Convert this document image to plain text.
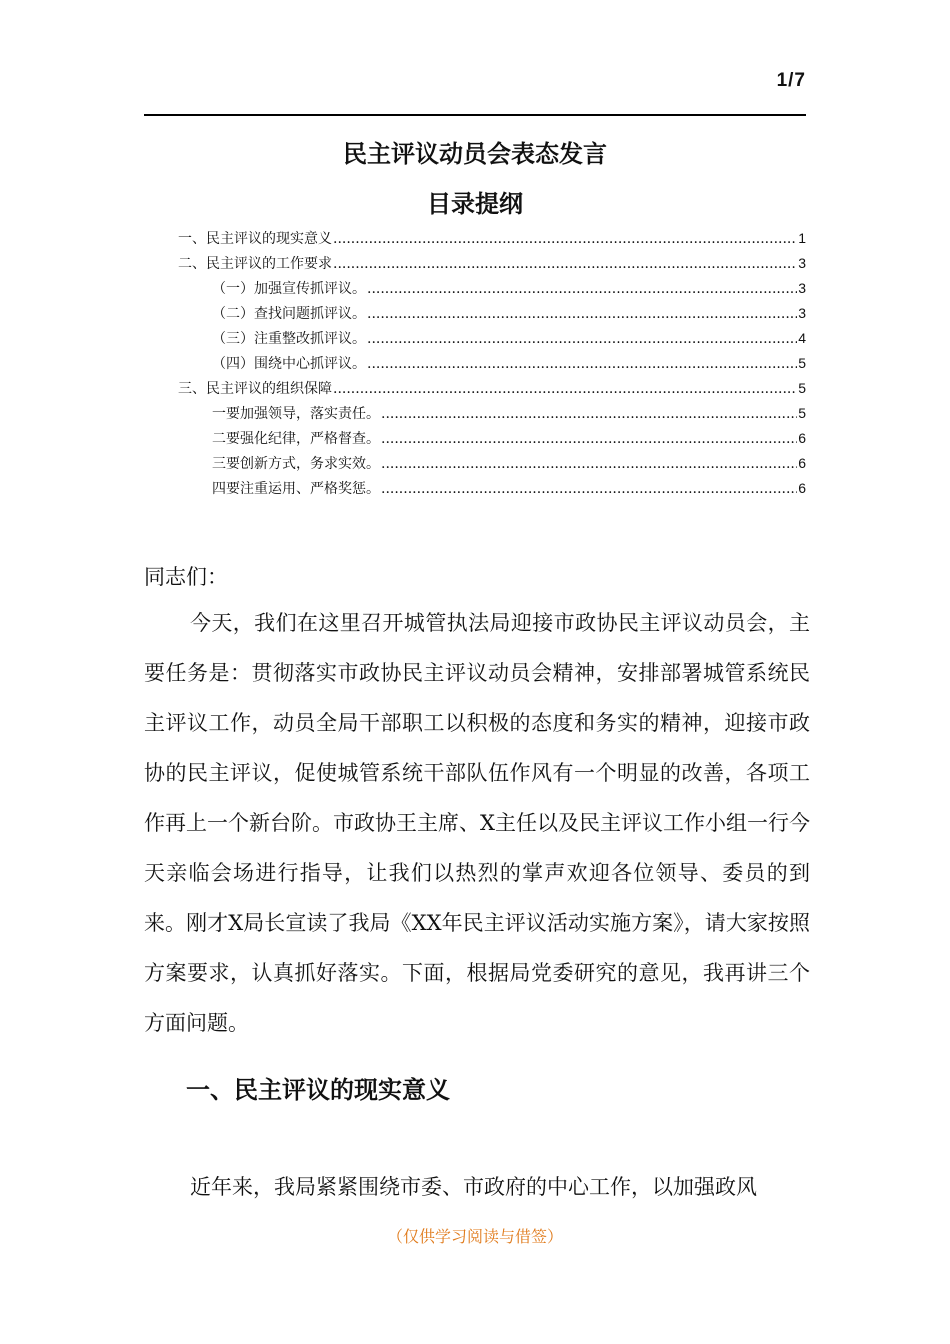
1/7
民主评议动员会表态发言
目录提纲
一、民主评议的现实意义 .....	1
二、民主评议的工作要求 .....	3
（一）加强宣传抓评议。 .....	3
（二）查找问题抓评议。 .....	3
（三）注重整改抓评议。 .....	4
（四）围绕中心抓评议。 .....	5
三、民主评议的组织保障 .....	5
一要加强领导，落实责任。 .....	5
二要强化纪律，严格督查。 .....	6
三要创新方式，务求实效。 .....	6
四要注重运用、严格奖惩。 .....	6
同志们：
今天，我们在这里召开城管执法局迎接市政协民主评议动员会，主要任务是：贯彻落实市政协民主评议动员会精神，安排部署城管系统民主评议工作，动员全局干部职工以积极的态度和务实的精神，迎接市政协的民主评议，促使城管系统干部队伍作风有一个明显的改善，各项工作再上一个新台阶。市政协王主席、X主任以及民主评议工作小组一行今天亲临会场进行指导，让我们以热烈的掌声欢迎各位领导、委员的到来。刚才X局长宣读了我局《XX年民主评议活动实施方案》，请大家按照方案要求，认真抓好落实。下面，根据局党委研究的意见，我再讲三个方面问题。
一、民主评议的现实意义
近年来，我局紧紧围绕市委、市政府的中心工作，以加强政风
（仅供学习阅读与借签）
